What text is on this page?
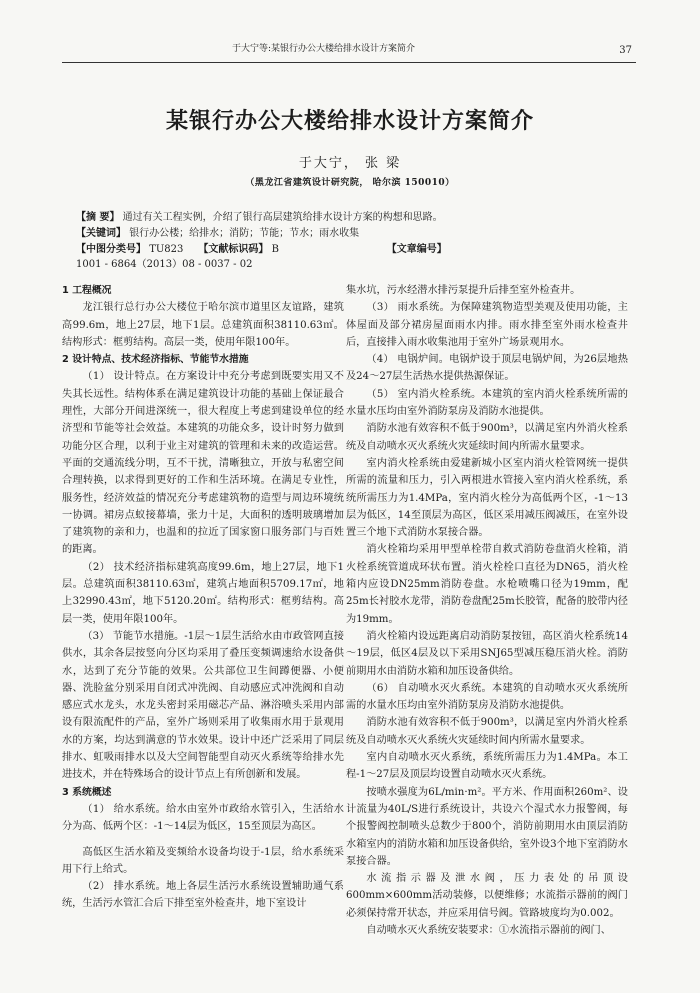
于大宁等:某银行办公大楼给排水设计方案简介	37
某银行办公大楼给排水设计方案简介
于大宁， 张 梁
（黑龙江省建筑设计研究院， 哈尔滨 150010）
【摘 要】 通过有关工程实例，介绍了银行高层建筑给排水设计方案的构想和思路。
【关键词】 银行办公楼；给排水；消防；节能；节水；雨水收集
【中图分类号】 TU823 【文献标识码】 B	【文章编号】 1001 - 6864（2013）08 - 0037 - 02

1 工程概况

龙江银行总行办公大楼位于哈尔滨市道里区友谊路，建筑高99.6m，地上27层，地下1层。总建筑面积38110.63㎡。结构形式：框剪结构。高层一类，使用年限100年。

2 设计特点、技术经济指标、节能节水措施

（1） 设计特点。在方案设计中充分考虑到既要实用又不失其长远性。结构体系在满足建筑设计功能的基础上保证最合理性，大部分开间进深统一，很大程度上考虑到建设单位的经济型和节能等社会效益。本建筑的功能众多，设计时努力做到功能分区合理，以利于业主对建筑的管理和未来的改造运营。平面的交通流线分明，互不干扰，清晰独立，开放与私密空间合理转换，以求得到更好的工作和生活环境。在满足专业性，服务性，经济效益的情况充分考虑建筑物的造型与周边环境统一协调。裙房点蚁接幕墙，张力十足，大面积的透明玻璃增加了建筑物的亲和力，也温和的拉近了国家窗口服务部门与百姓的距离。

（2） 技术经济指标建筑高度99.6m，地上27层，地下1层。总建筑面积38110.63㎡，建筑占地面积5709.17㎡，地上32990.43㎡，地下5120.20㎡。结构形式：框剪结构。高层一类，使用年限100年。

（3） 节能节水措施。-1层～1层生活给水由市政管网直接供水，其余各层按竖向分区均采用了叠压变频调速给水设备供水，达到了充分节能的效果。公共部位卫生间蹲便器、小便器、洗脸盆分别采用自闭式冲洗阀、自动感应式冲洗阀和自动感应式水龙头，水龙头密封采用磁芯产品、淋浴喷头采用内部设有限流配件的产品，室外广场则采用了收集雨水用于景观用水的方案，均达到满意的节水效果。设计中还广泛采用了同层排水、虹吸雨排水以及大空间智能型自动灭火系统等给排水先进技术，并在特殊场合的设计节点上有所创新和发展。

3 系统概述

（1） 给水系统。给水由室外市政给水管引入，生活给水分为高、低两个区：-1～14层为低区，15至顶层为高区。

高低区生活水箱及变频给水设备均设于-1层，给水系统采用下行上给式。

（2） 排水系统。地上各层生活污水系统设置辅助通气系统，生活污水管汇合后下排至室外检查井，地下室设计

集水坑，污水经潜水排污泵提升后排至室外检查井。

（3） 雨水系统。为保障建筑物造型美观及使用功能，主体屋面及部分裙房屋面雨水内排。雨水排至室外雨水检查井后，直接排入雨水收集池用于室外广场景观用水。

（4） 电锅炉间。电锅炉设于顶层电锅炉间，为26层地热及24～27层生活热水提供热源保证。

（5） 室内消火栓系统。本建筑的室内消火栓系统所需的水量水压均由室外消防泵房及消防水池提供。

消防水池有效容积不低于900m³，以满足室内外消火栓系统及自动喷水灭火系统火灾延续时间内所需水量要求。

室内消火栓系统由爱建新城小区室内消火栓管网统一提供所需的流量和压力，引入两根进水管接入室内消火栓系统，系统所需压力为1.4MPa，室内消火栓分为高低两个区，-1～13层为低区，14至顶层为高区，低区采用减压阀减压，在室外设置三个地下式消防水泵接合器。

消火栓箱均采用甲型单栓带自救式消防卷盘消火栓箱，消火栓系统管道成环状布置。消火栓栓口直径为DN65，消火栓箱内应设DN25mm消防卷盘。水枪喷嘴口径为19mm，配25m长衬胶水龙带，消防卷盘配25m长胶管，配备的胶带内径为19mm。

消火栓箱内设远距离启动消防泵按钮，高区消火栓系统14～19层，低区4层及以下采用SNJ65型减压稳压消火栓。消防前期用水由消防水箱和加压设备供给。

（6） 自动喷水灭火系统。本建筑的自动喷水灭火系统所需的水量水压均由室外消防泵房及消防水池提供。

消防水池有效容积不低于900m³，以满足室内外消火栓系统及自动喷水灭火系统火灾延续时间内所需水量要求。

室内自动喷水灭火系统，系统所需压力为1.4MPa。本工程-1～27层及顶层均设置自动喷水灭火系统。

按喷水强度为6L/min·m²。平方米、作用面积260m²、设计流量为40L/S进行系统设计，共设六个湿式水力报警阀，每个报警阀控制喷头总数少于800个，消防前期用水由顶层消防水箱室内的消防水箱和加压设备供给，室外设3个地下室消防水泵接合器。

水流指示器及泄水阀，压力表处的吊顶设600mm×600mm活动装修，以便维修；水流指示器前的阀门必须保持常开状态，并应采用信号阀。管路坡度均为0.002。

自动喷水灭火系统安装要求：①水流指示器前的阀门、
